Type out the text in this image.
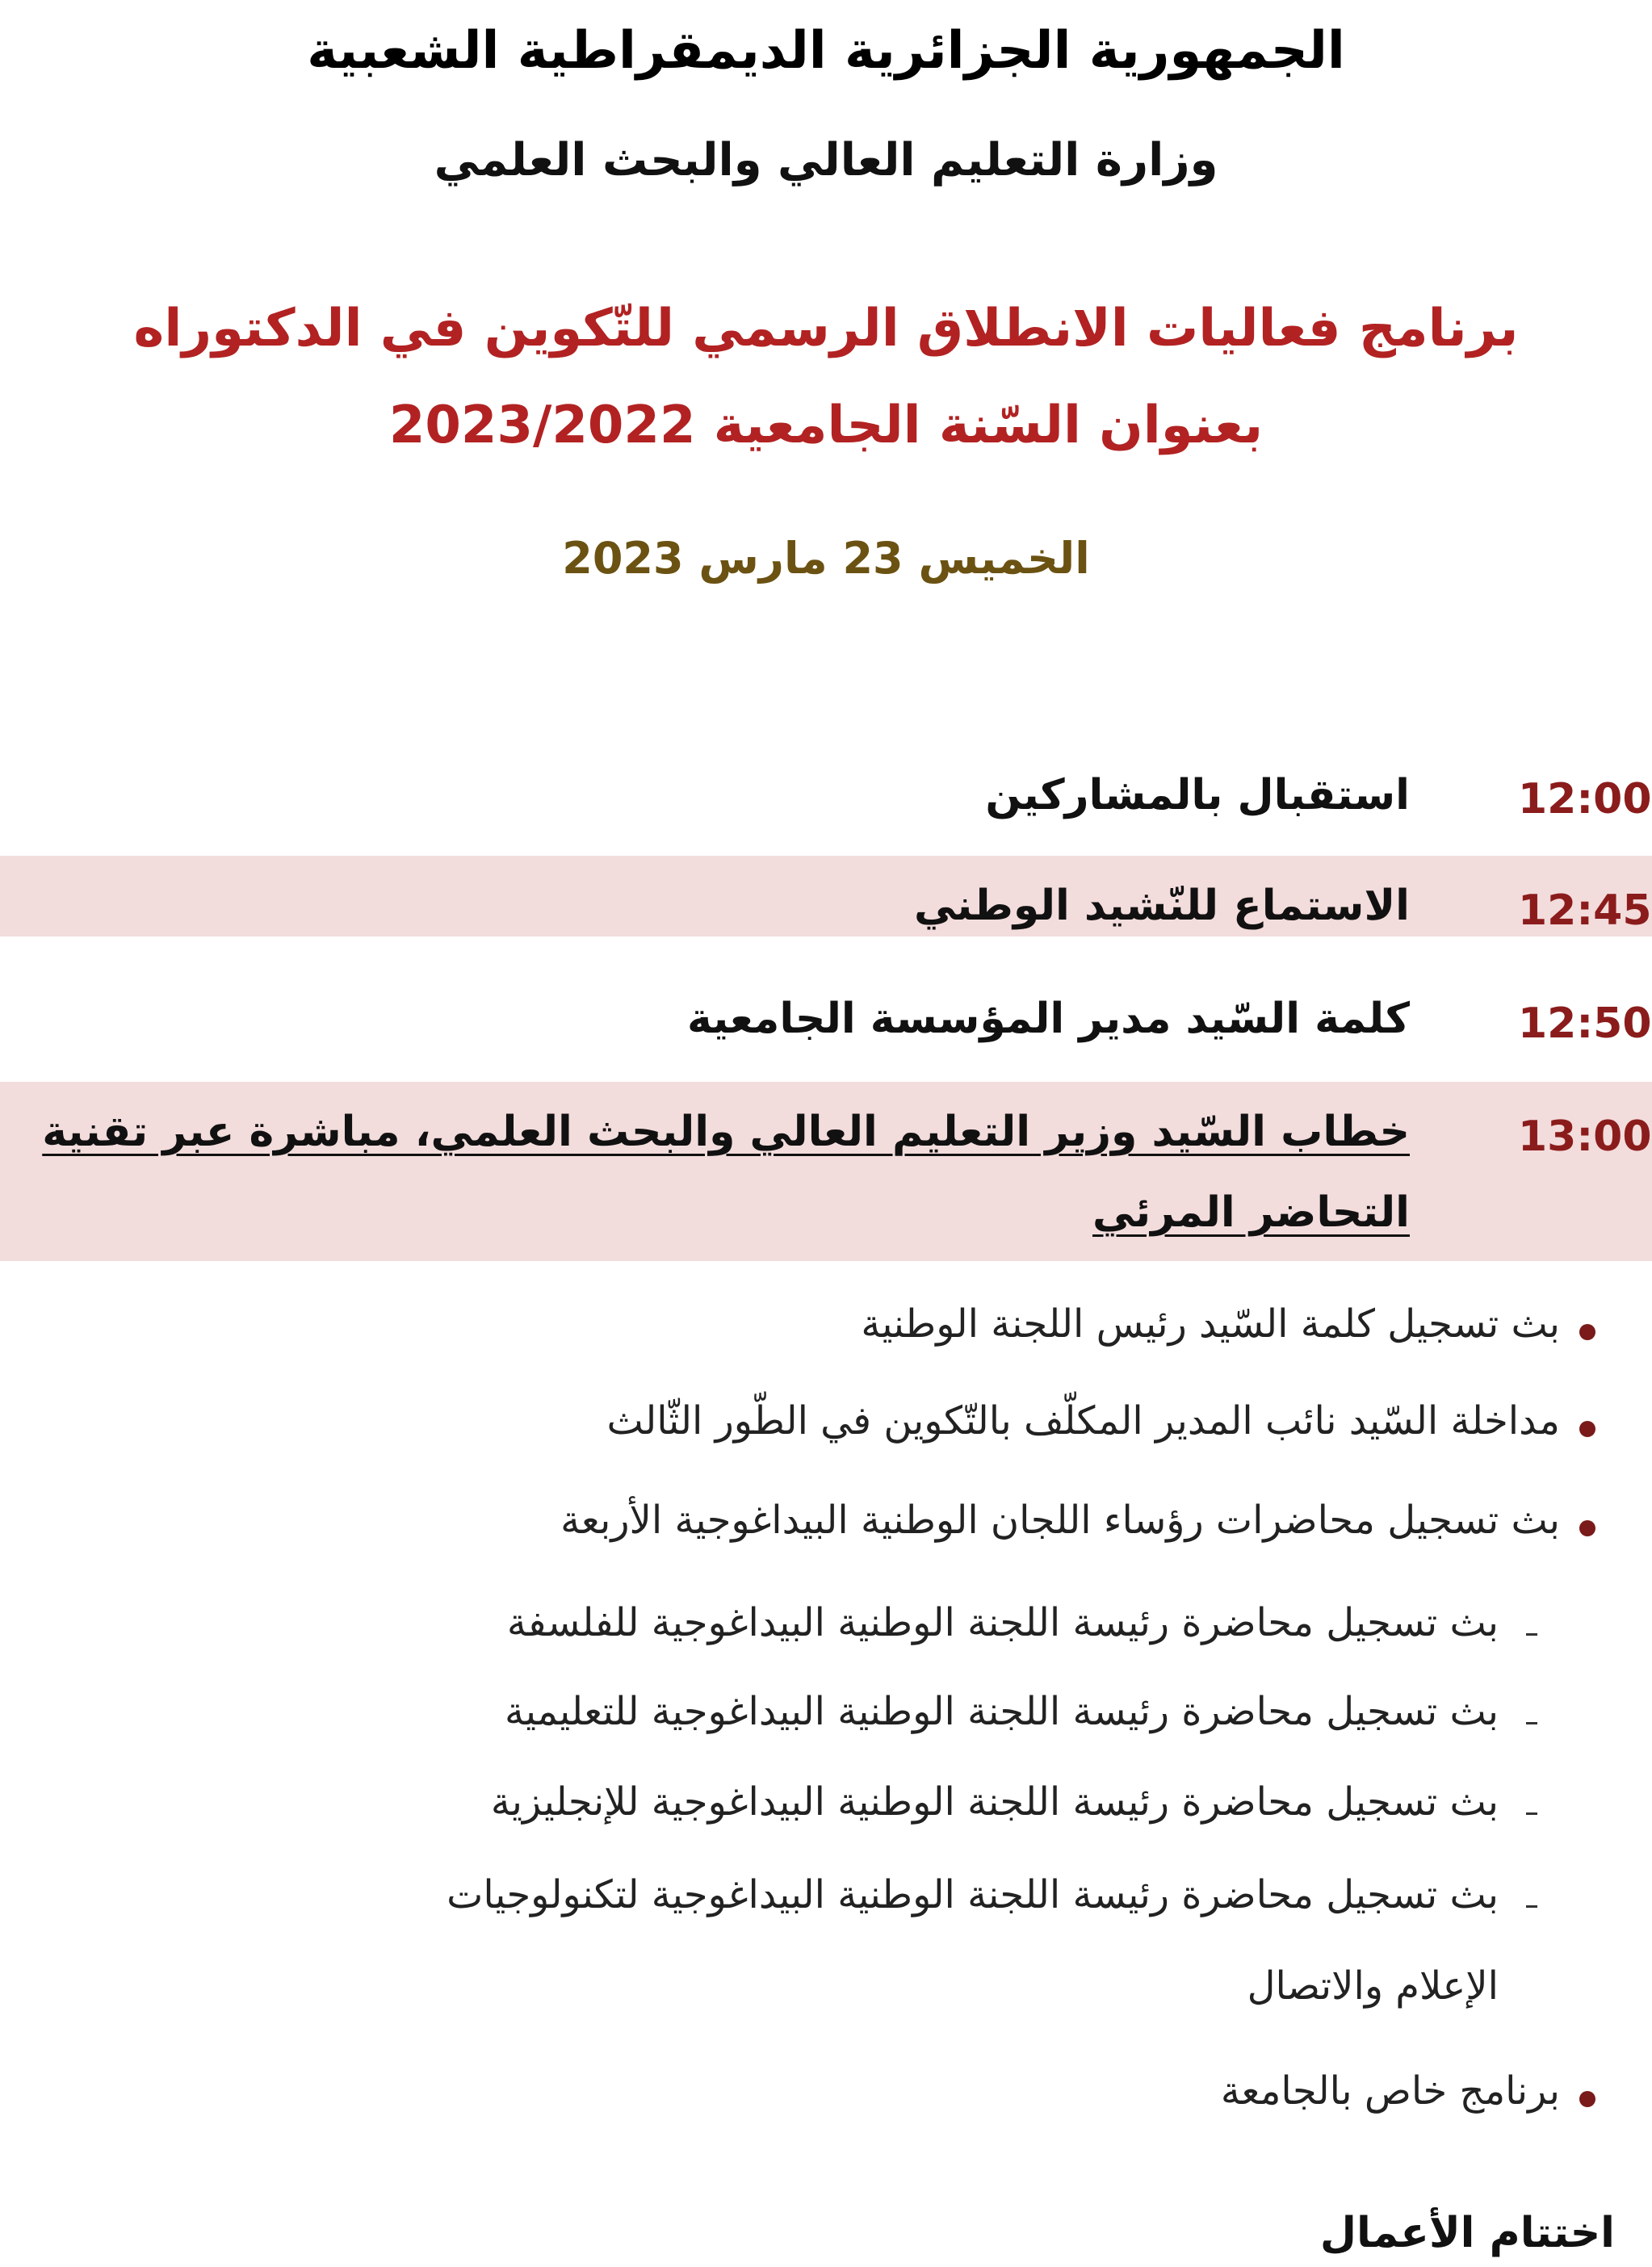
الجمهورية الجزائرية الديمقراطية الشعبية
وزارة التعليم العالي والبحث العلمي
برنامج فعاليات الانطلاق الرسمي للتّكوين في الدكتوراه
بعنوان السّنة الجامعية 2023/2022
الخميس 23 مارس 2023
12:00
استقبال بالمشاركين
12:45
الاستماع للنّشيد الوطني
12:50
كلمة السّيد مدير المؤسسة الجامعية
13:00
خطاب السّيد وزير التعليم العالي والبحث العلمي، مباشرة عبر تقنية
التحاضر المرئي
بث تسجيل كلمة السّيد رئيس اللجنة الوطنية
مداخلة السّيد نائب المدير المكلّف بالتّكوين في الطّور الثّالث
بث تسجيل محاضرات رؤساء اللجان الوطنية البيداغوجية الأربعة
بث تسجيل محاضرة رئيسة اللجنة الوطنية البيداغوجية للفلسفة
بث تسجيل محاضرة رئيسة اللجنة الوطنية البيداغوجية للتعليمية
بث تسجيل محاضرة رئيسة اللجنة الوطنية البيداغوجية للإنجليزية
بث تسجيل محاضرة رئيسة اللجنة الوطنية البيداغوجية لتكنولوجيات
الإعلام والاتصال
برنامج خاص بالجامعة
اختتام الأعمال
